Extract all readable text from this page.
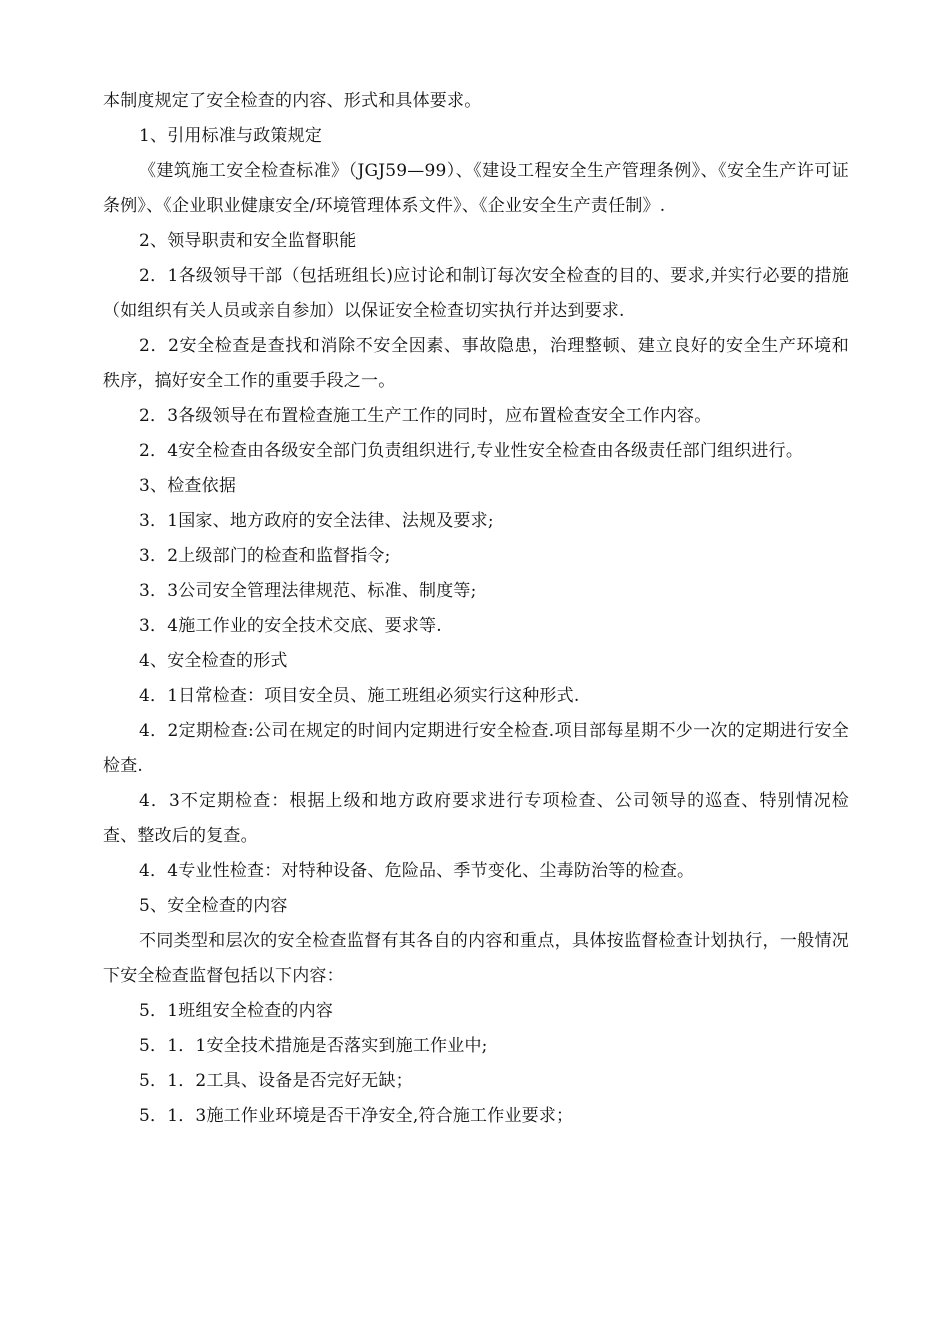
本制度规定了安全检查的内容、形式和具体要求。

1、引用标准与政策规定

《建筑施工安全检查标准》（JGJ59—99）、《建设工程安全生产管理条例》、《安全生产许可证条例》、《企业职业健康安全/环境管理体系文件》、《企业安全生产责任制》.

2、领导职责和安全监督职能

2．1各级领导干部（包括班组长)应讨论和制订每次安全检查的目的、要求,并实行必要的措施（如组织有关人员或亲自参加）以保证安全检查切实执行并达到要求.

2．2安全检查是查找和消除不安全因素、事故隐患，治理整顿、建立良好的安全生产环境和秩序，搞好安全工作的重要手段之一。

2．3各级领导在布置检查施工生产工作的同时，应布置检查安全工作内容。

2．4安全检查由各级安全部门负责组织进行,专业性安全检查由各级责任部门组织进行。

3、检查依据

3．1国家、地方政府的安全法律、法规及要求;

3．2上级部门的检查和监督指令;

3．3公司安全管理法律规范、标准、制度等;

3．4施工作业的安全技术交底、要求等.

4、安全检查的形式

4．1日常检查：项目安全员、施工班组必须实行这种形式.

4．2定期检查:公司在规定的时间内定期进行安全检查.项目部每星期不少一次的定期进行安全检查.

4．3不定期检查：根据上级和地方政府要求进行专项检查、公司领导的巡查、特别情况检查、整改后的复查。

4．4专业性检查：对特种设备、危险品、季节变化、尘毒防治等的检查。

5、安全检查的内容

不同类型和层次的安全检查监督有其各自的内容和重点，具体按监督检查计划执行，一般情况下安全检查监督包括以下内容：

5．1班组安全检查的内容

5．1．1安全技术措施是否落实到施工作业中;

5．1．2工具、设备是否完好无缺；

5．1．3施工作业环境是否干净安全,符合施工作业要求；
